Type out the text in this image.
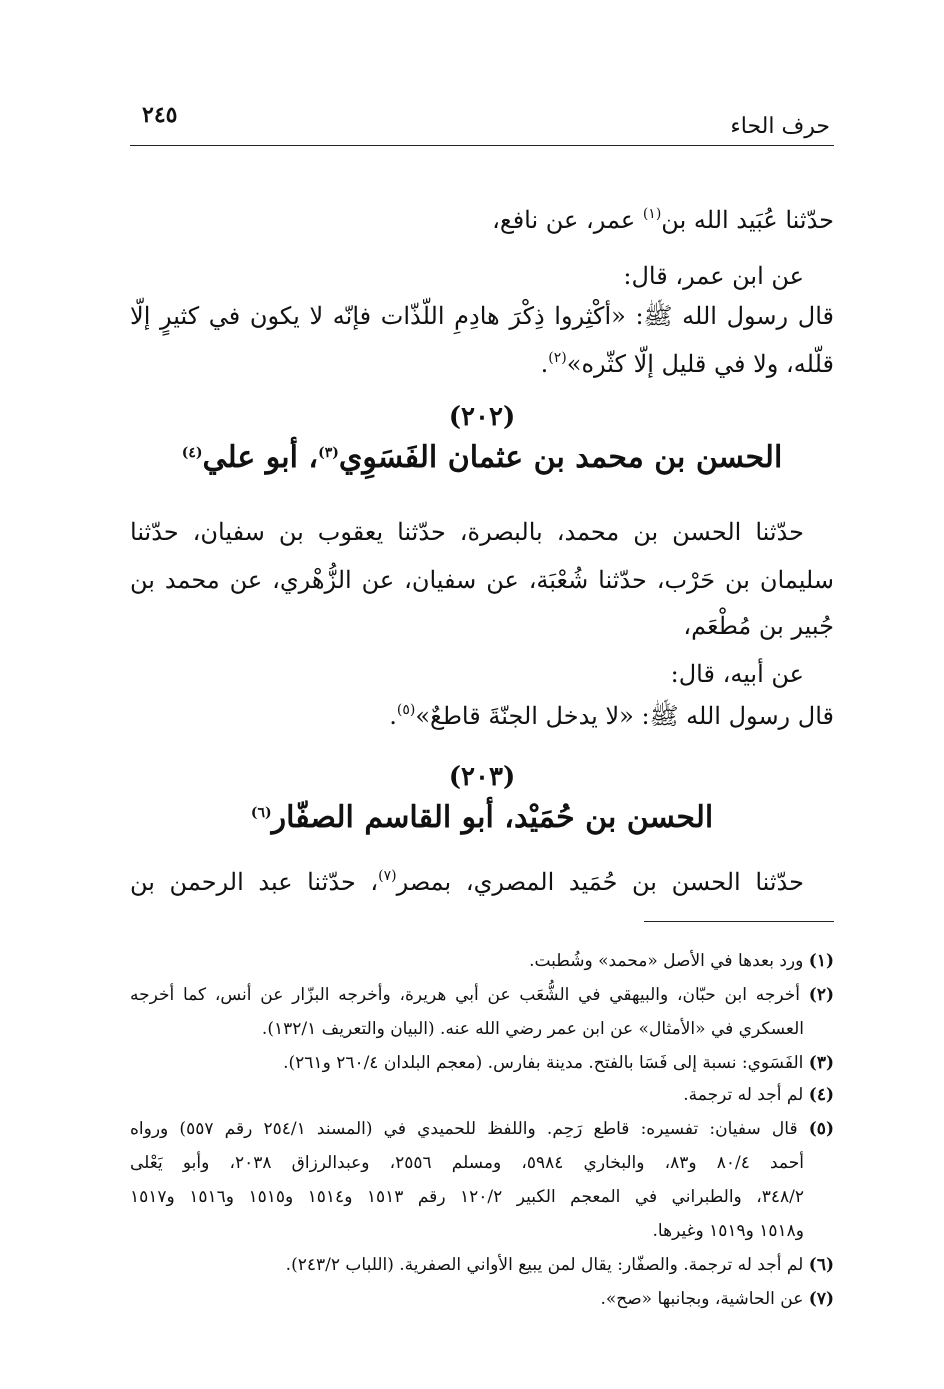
حرف الحاء
٢٤٥
حدّثنا عُبَيد الله بن$^{(١)}$ عمر، عن نافع،
عن ابن عمر، قال:
قال رسول الله ﷺ: «أكْثِروا ذِكْرَ هادِمِ اللّذّات فإنّه لا يكون في كثيرٍ إلّا
قلّله، ولا في قليل إلّا كثّره»$^{(٢)}$.
(٢٠٢)
الحسن بن محمد بن عثمان الفَسَوِي$^{(٣)}$، أبو علي$^{(٤)}$
حدّثنا الحسن بن محمد، بالبصرة، حدّثنا يعقوب بن سفيان، حدّثنا
سليمان بن حَرْب، حدّثنا شُعْبَة، عن سفيان، عن الزُّهْري، عن محمد بن
جُبير بن مُطْعَم،
عن أبيه، قال:
قال رسول الله ﷺ: «لا يدخل الجنّةَ قاطعٌ»$^{(٥)}$.
(٢٠٣)
الحسن بن حُمَيْد، أبو القاسم الصفّار$^{(٦)}$
حدّثنا الحسن بن حُمَيد المصري، بمصر$^{(٧)}$، حدّثنا عبد الرحمن بن
(١) ورد بعدها في الأصل «محمد» وشُطبت.
(٢) أخرجه ابن حبّان، والبيهقي في الشُّعَب عن أبي هريرة، وأخرجه البزّار عن أنس، كما أخرجه
العسكري في «الأمثال» عن ابن عمر رضي الله عنه. (البيان والتعريف ١٣٢/١).
(٣) الفَسَوي: نسبة إلى فَسَا بالفتح. مدينة بفارس. (معجم البلدان ٢٦٠/٤ و٢٦١).
(٤) لم أجد له ترجمة.
(٥) قال سفيان: تفسيره: قاطع رَحِم. واللفظ للحميدي في (المسند ٢٥٤/١ رقم ٥٥٧) ورواه
أحمد ٨٠/٤ و٨٣، والبخاري ٥٩٨٤، ومسلم ٢٥٥٦، وعبدالرزاق ٢٠٣٨، وأبو يَعْلى
٣٤٨/٢، والطبراني في المعجم الكبير ١٢٠/٢ رقم ١٥١٣ و١٥١٤ و١٥١٥ و١٥١٦ و١٥١٧
و١٥١٨ و١٥١٩ وغيرها.
(٦) لم أجد له ترجمة. والصفّار: يقال لمن يبيع الأواني الصفرية. (اللباب ٢٤٣/٢).
(٧) عن الحاشية، وبجانبها «صح».
